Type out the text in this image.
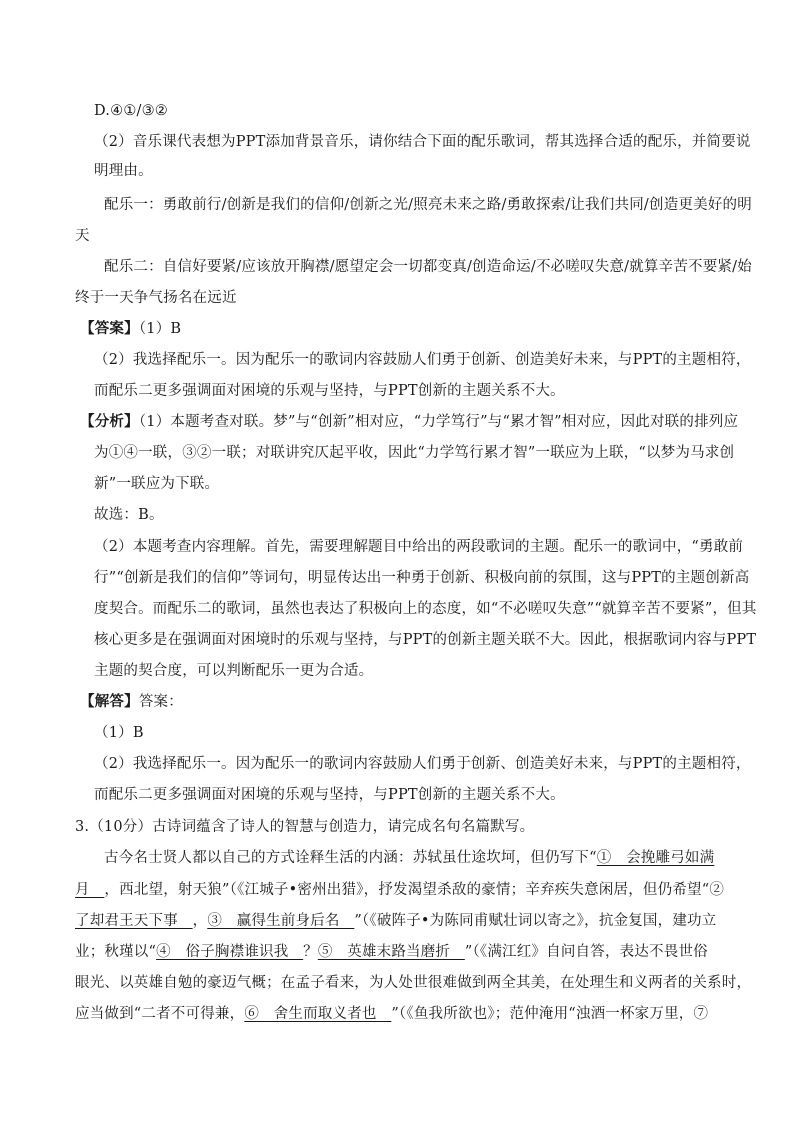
D.④①/③②
（2）音乐课代表想为PPT添加背景音乐，请你结合下面的配乐歌词，帮其选择合适的配乐，并简要说
明理由。
配乐一：勇敢前行/创新是我们的信仰/创新之光/照亮未来之路/勇敢探索/让我们共同/创造更美好的明
天
配乐二：自信好要紧/应该放开胸襟/愿望定会一切都变真/创造命运/不必嗟叹失意/就算辛苦不要紧/始
终于一天争气扬名在远近
【答案】（1）B
（2）我选择配乐一。因为配乐一的歌词内容鼓励人们勇于创新、创造美好未来，与PPT的主题相符，
而配乐二更多强调面对困境的乐观与坚持，与PPT创新的主题关系不大。
【分析】（1）本题考查对联。梦”与“创新”相对应，“力学笃行”与“累才智”相对应，因此对联的排列应
为①④一联，③②一联；对联讲究仄起平收，因此“力学笃行累才智”一联应为上联，“以梦为马求创
新”一联应为下联。
故选：B。
（2）本题考查内容理解。首先，需要理解题目中给出的两段歌词的主题。配乐一的歌词中，“勇敢前
行”“创新是我们的信仰”等词句，明显传达出一种勇于创新、积极向前的氛围，这与PPT的主题创新高
度契合。而配乐二的歌词，虽然也表达了积极向上的态度，如“不必嗟叹失意”“就算辛苦不要紧”，但其
核心更多是在强调面对困境时的乐观与坚持，与PPT的创新主题关联不大。因此，根据歌词内容与PPT
主题的契合度，可以判断配乐一更为合适。
【解答】答案：
（1）B
（2）我选择配乐一。因为配乐一的歌词内容鼓励人们勇于创新、创造美好未来，与PPT的主题相符，
而配乐二更多强调面对困境的乐观与坚持，与PPT创新的主题关系不大。
3.（10分）古诗词蕴含了诗人的智慧与创造力，请完成名句名篇默写。
古今名士贤人都以自己的方式诠释生活的内涵：苏轼虽仕途坎坷，但仍写下“①　会挽雕弓如满
月　，西北望，射天狼”（《江城子•密州出猎》，抒发渴望杀敌的豪情；辛弃疾失意闲居，但仍希望“②
了却君王天下事　，③　赢得生前身后名　”（《破阵子•为陈同甫赋壮词以寄之》，抗金复国，建功立
业；秋瑾以“④　俗子胸襟谁识我　？⑤　英雄末路当磨折　”（《满江红》自问自答，表达不畏世俗
眼光、以英雄自勉的豪迈气概；在孟子看来，为人处世很难做到两全其美，在处理生和义两者的关系时，
应当做到“二者不可得兼，⑥　舍生而取义者也　”（《鱼我所欲也》；范仲淹用“浊酒一杯家万里，⑦
